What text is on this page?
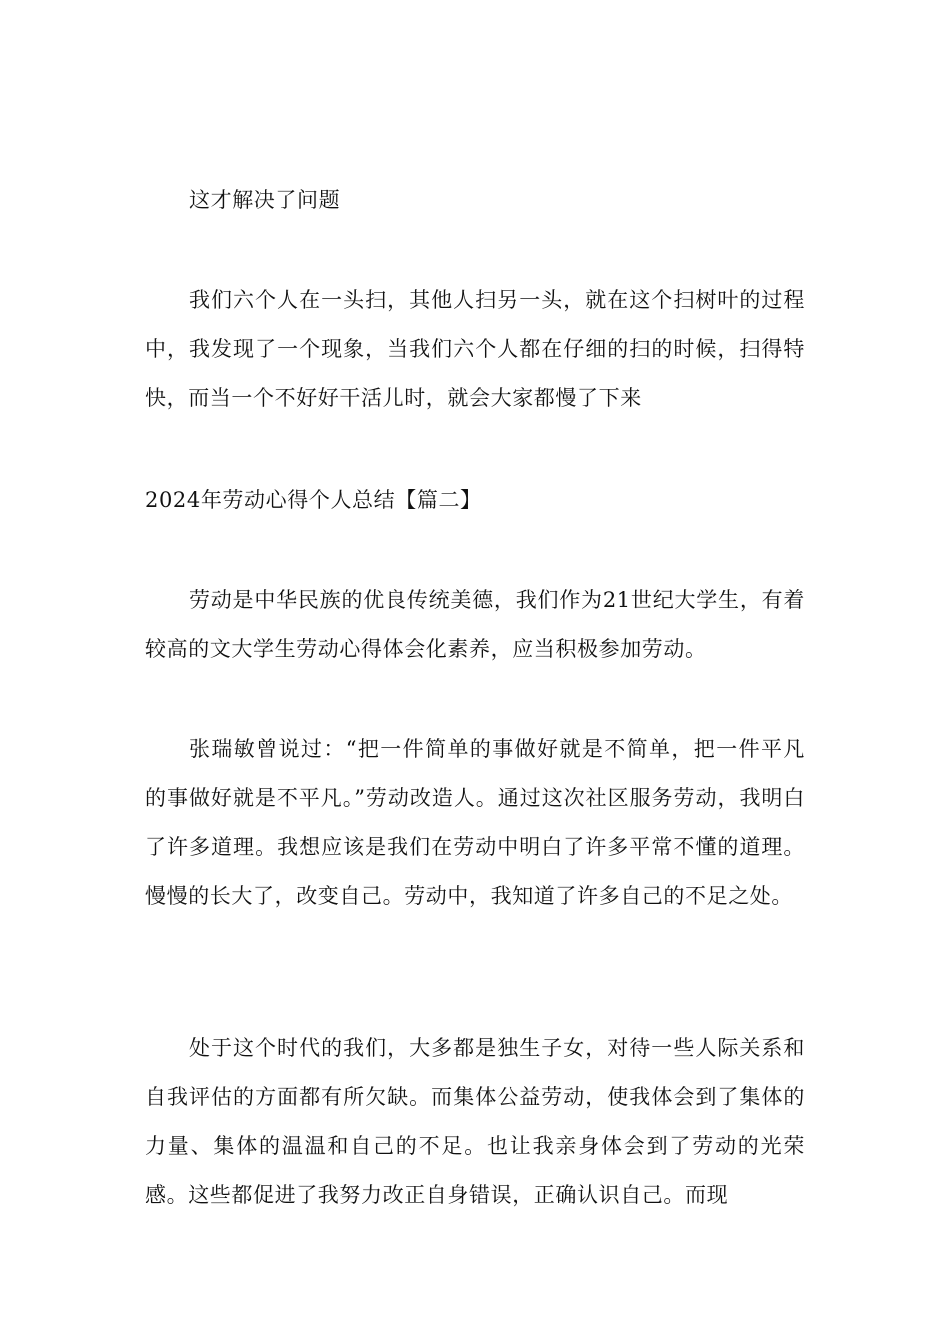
这才解决了问题

我们六个人在一头扫，其他人扫另一头，就在这个扫树叶的过程中，我发现了一个现象，当我们六个人都在仔细的扫的时候，扫得特快，而当一个不好好干活儿时，就会大家都慢了下来

2024年劳动心得个人总结【篇二】

劳动是中华民族的优良传统美德，我们作为21世纪大学生，有着较高的文大学生劳动心得体会化素养，应当积极参加劳动。

张瑞敏曾说过：“把一件简单的事做好就是不简单，把一件平凡的事做好就是不平凡。”劳动改造人。通过这次社区服务劳动，我明白了许多道理。我想应该是我们在劳动中明白了许多平常不懂的道理。慢慢的长大了，改变自己。劳动中，我知道了许多自己的不足之处。

处于这个时代的我们，大多都是独生子女，对待一些人际关系和自我评估的方面都有所欠缺。而集体公益劳动，使我体会到了集体的力量、集体的温温和自己的不足。也让我亲身体会到了劳动的光荣感。这些都促进了我努力改正自身错误，正确认识自己。而现
